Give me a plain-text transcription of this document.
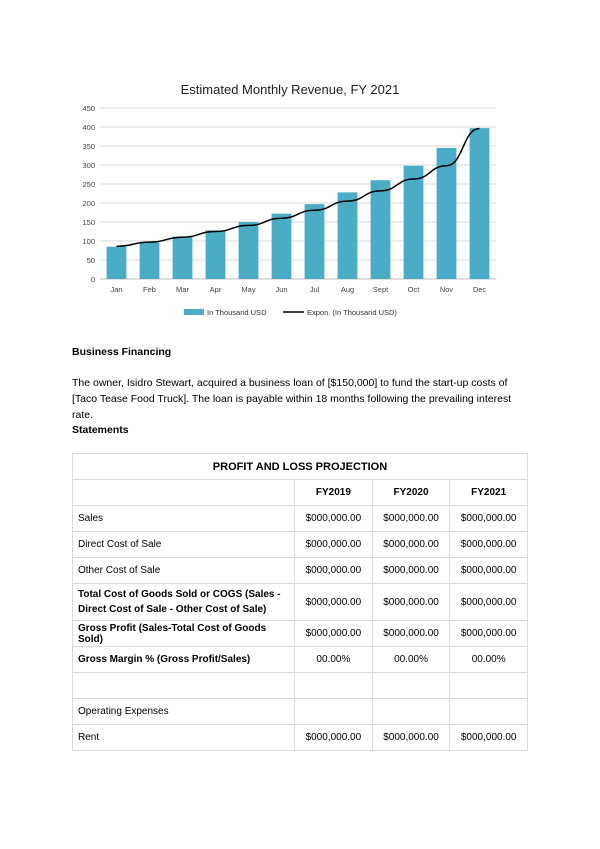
Estimated Monthly Revenue, FY 2021
0
50
100
150
200
250
300
350
400
450
Jan	Feb	Mar	Apr	May	Jun	Jul	Aug Sept	Oct	Nov	Dec
In Thousand USD	Expon. (In Thousand USD)
Business Financing
The owner, Isidro Stewart, acquired a business loan of [$150,000] to fund the start-up costs of [Taco Tease Food Truck]. The loan is payable within 18 months following the prevailing interest rate.
Statements
PROFIT AND LOSS PROJECTION			
	FY2019	FY2020	FY2021
Sales	$000,000.00	$000,000.00	$000,000.00
Direct Cost of Sale	$000,000.00	$000,000.00	$000,000.00
Other Cost of Sale	$000,000.00	$000,000.00	$000,000.00
Total Cost of Goods Sold or COGS (Sales - Direct Cost of Sale - Other Cost of Sale)	$000,000.00	$000,000.00	$000,000.00
Gross Profit (Sales-Total Cost of Goods Sold)	$000,000.00	$000,000.00	$000,000.00
Gross Margin % (Gross Profit/Sales)	00.00%	00.00%	00.00%

Operating Expenses			
Rent	$000,000.00	$000,000.00	$000,000.00
